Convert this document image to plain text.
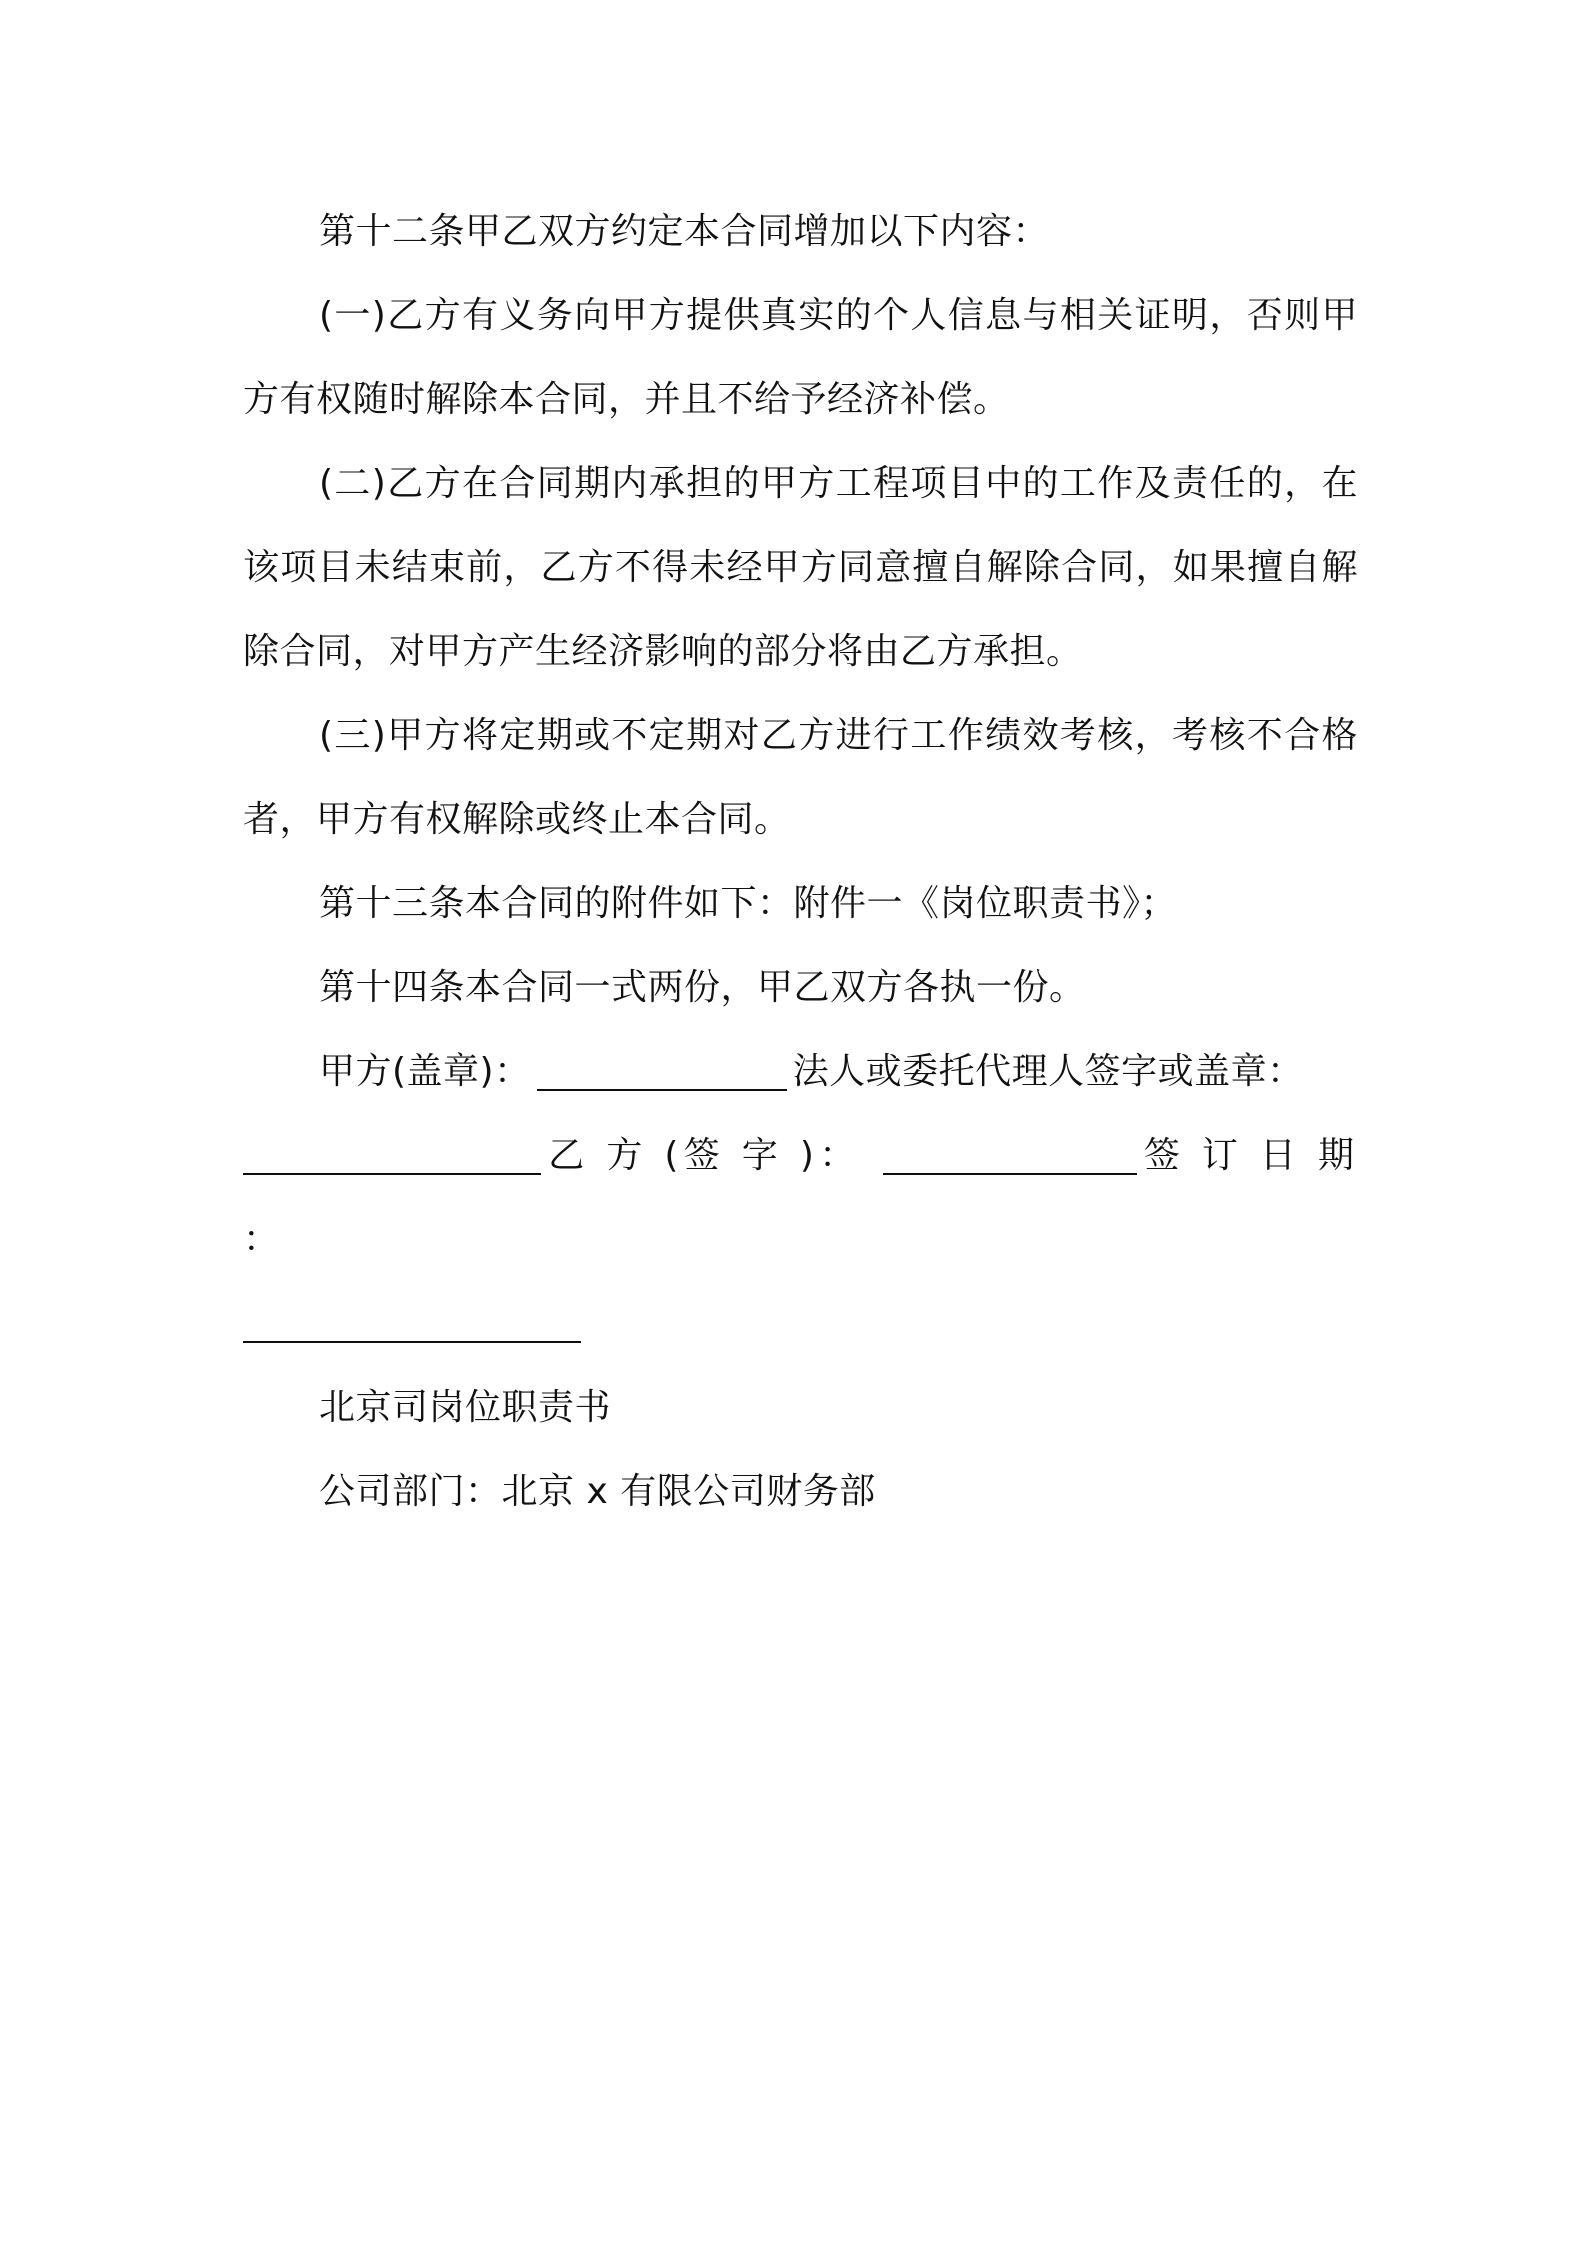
第十二条甲乙双方约定本合同增加以下内容：

(一)乙方有义务向甲方提供真实的个人信息与相关证明，否则甲方有权随时解除本合同，并且不给予经济补偿。

(二)乙方在合同期内承担的甲方工程项目中的工作及责任的，在该项目未结束前，乙方不得未经甲方同意擅自解除合同，如果擅自解除合同，对甲方产生经济影响的部分将由乙方承担。

(三)甲方将定期或不定期对乙方进行工作绩效考核，考核不合格者，甲方有权解除或终止本合同。

第十三条本合同的附件如下：附件一《岗位职责书》；

第十四条本合同一式两份，甲乙双方各执一份。

甲方(盖章)：	法人或委托代理人签字或盖章：
乙 方 (签 字 )：	签 订 日 期 ：

北京司岗位职责书

公司部门：北京 x 有限公司财务部
